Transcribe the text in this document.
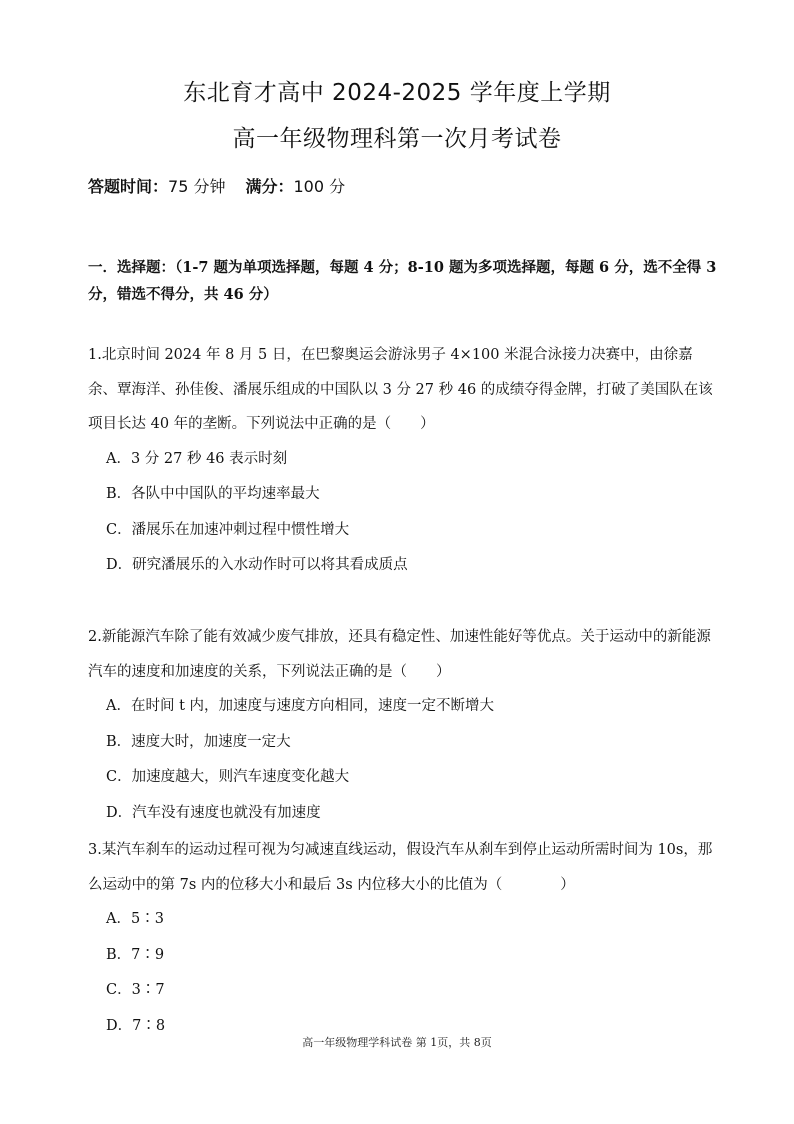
东北育才高中 2024-2025 学年度上学期
高一年级物理科第一次月考试卷
答题时间：75 分钟 满分：100 分
一．选择题：（1-7 题为单项选择题，每题 4 分；8-10 题为多项选择题，每题 6 分，选不全得 3 分，错选不得分，共 46 分）

1.北京时间 2024 年 8 月 5 日，在巴黎奥运会游泳男子 4×100 米混合泳接力决赛中，由徐嘉余、覃海洋、孙佳俊、潘展乐组成的中国队以 3 分 27 秒 46 的成绩夺得金牌，打破了美国队在该项目长达 40 年的垄断。下列说法中正确的是（　　）

A．3 分 27 秒 46 表示时刻
B．各队中中国队的平均速率最大
C．潘展乐在加速冲刺过程中惯性增大
D．研究潘展乐的入水动作时可以将其看成质点

2.新能源汽车除了能有效减少废气排放，还具有稳定性、加速性能好等优点。关于运动中的新能源汽车的速度和加速度的关系，下列说法正确的是（　　）

A．在时间 t 内，加速度与速度方向相同，速度一定不断增大
B．速度大时，加速度一定大
C．加速度越大，则汽车速度变化越大
D．汽车没有速度也就没有加速度

3.某汽车刹车的运动过程可视为匀减速直线运动，假设汽车从刹车到停止运动所需时间为 10s，那么运动中的第 7s 内的位移大小和最后 3s 内位移大小的比值为（　　　　）

A．5∶3
B．7∶9
C．3∶7
D．7∶8
高一年级物理学科试卷 第 1页，共 8页
